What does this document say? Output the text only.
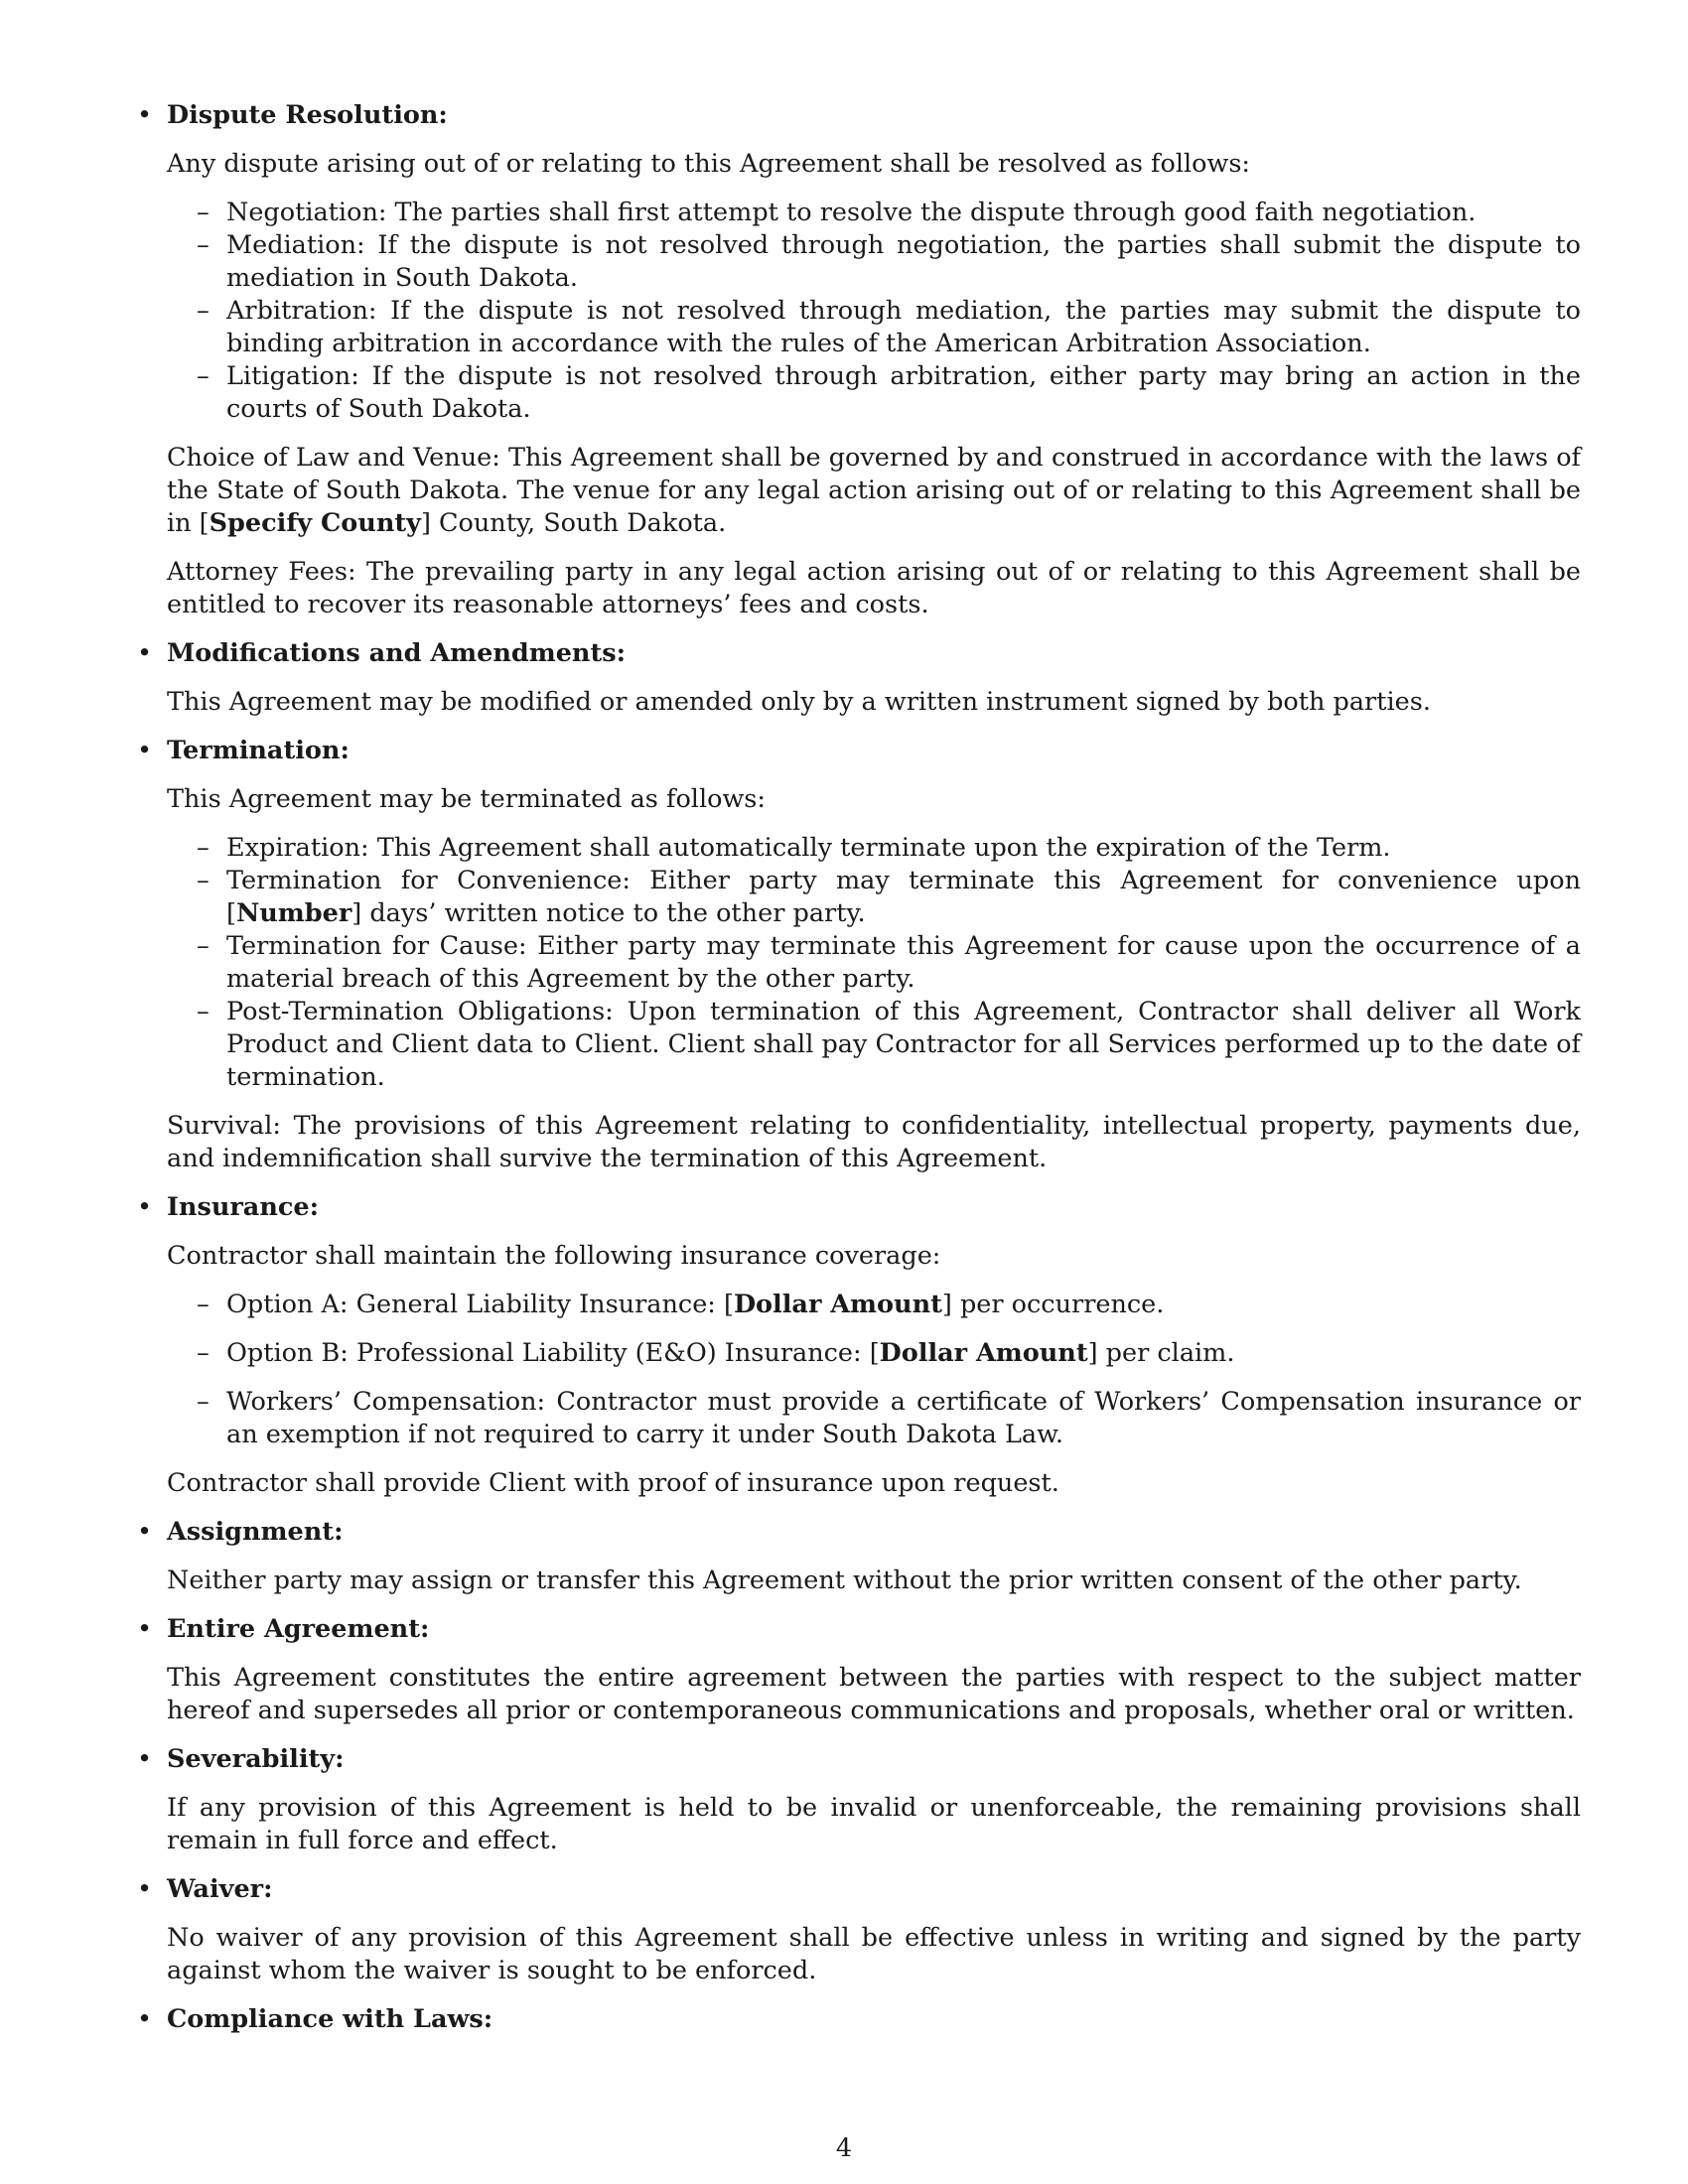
• Dispute Resolution:
Any dispute arising out of or relating to this Agreement shall be resolved as follows:
– Negotiation: The parties shall first attempt to resolve the dispute through good faith negotiation.
– Mediation: If the dispute is not resolved through negotiation, the parties shall submit the dispute to mediation in South Dakota.
– Arbitration: If the dispute is not resolved through mediation, the parties may submit the dispute to binding arbitration in accordance with the rules of the American Arbitration Association.
– Litigation: If the dispute is not resolved through arbitration, either party may bring an action in the courts of South Dakota.
Choice of Law and Venue: This Agreement shall be governed by and construed in accordance with the laws of the State of South Dakota. The venue for any legal action arising out of or relating to this Agreement shall be in [Specify County] County, South Dakota.
Attorney Fees: The prevailing party in any legal action arising out of or relating to this Agreement shall be entitled to recover its reasonable attorneys’ fees and costs.
• Modifications and Amendments:
This Agreement may be modified or amended only by a written instrument signed by both parties.
• Termination:
This Agreement may be terminated as follows:
– Expiration: This Agreement shall automatically terminate upon the expiration of the Term.
– Termination for Convenience: Either party may terminate this Agreement for convenience upon [Number] days’ written notice to the other party.
– Termination for Cause: Either party may terminate this Agreement for cause upon the occurrence of a material breach of this Agreement by the other party.
– Post-Termination Obligations: Upon termination of this Agreement, Contractor shall deliver all Work Product and Client data to Client. Client shall pay Contractor for all Services performed up to the date of termination.
Survival: The provisions of this Agreement relating to confidentiality, intellectual property, payments due, and indemnification shall survive the termination of this Agreement.
• Insurance:
Contractor shall maintain the following insurance coverage:
– Option A: General Liability Insurance: [Dollar Amount] per occurrence.
– Option B: Professional Liability (E&O) Insurance: [Dollar Amount] per claim.
– Workers’ Compensation: Contractor must provide a certificate of Workers’ Compensation insurance or an exemption if not required to carry it under South Dakota Law.
Contractor shall provide Client with proof of insurance upon request.
• Assignment:
Neither party may assign or transfer this Agreement without the prior written consent of the other party.
• Entire Agreement:
This Agreement constitutes the entire agreement between the parties with respect to the subject matter hereof and supersedes all prior or contemporaneous communications and proposals, whether oral or written.
• Severability:
If any provision of this Agreement is held to be invalid or unenforceable, the remaining provisions shall remain in full force and effect.
• Waiver:
No waiver of any provision of this Agreement shall be effective unless in writing and signed by the party against whom the waiver is sought to be enforced.
• Compliance with Laws:
4
